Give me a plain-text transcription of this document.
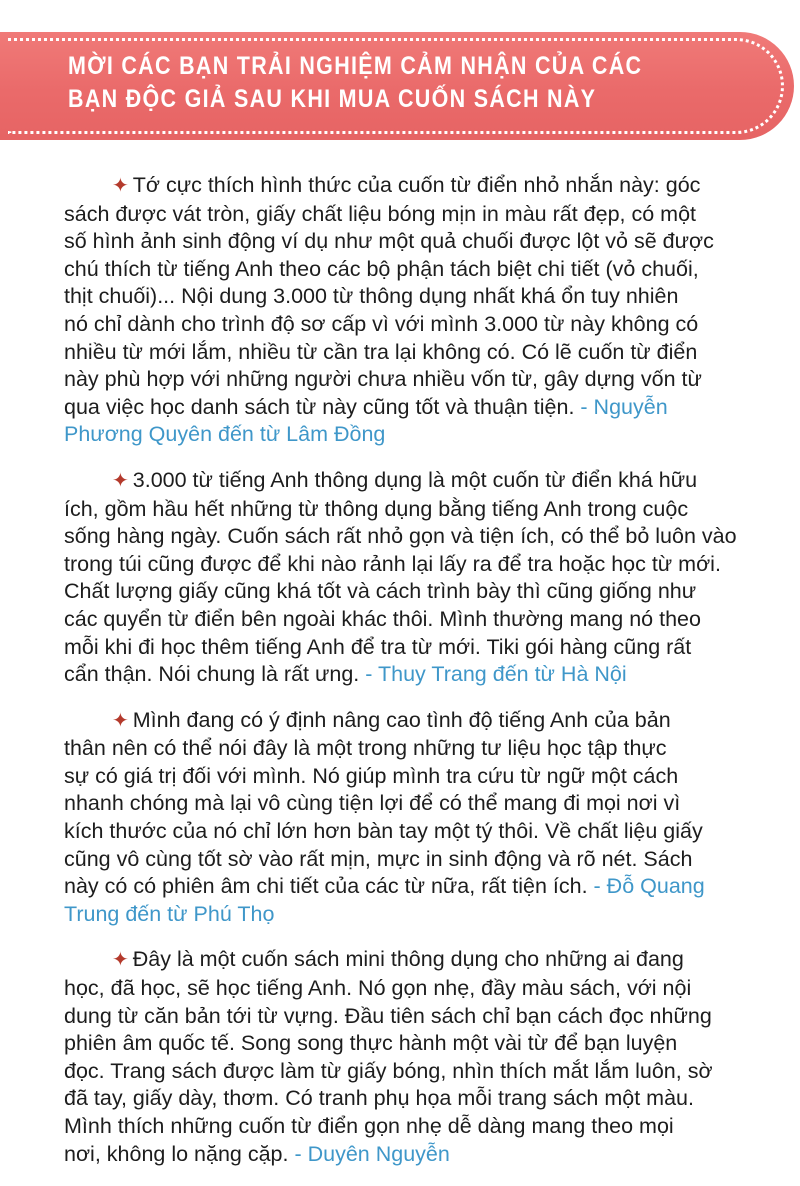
MỜI CÁC BẠN TRẢI NGHIỆM CẢM NHẬN CỦA CÁC
BẠN ĐỘC GIẢ SAU KHI MUA CUỐN SÁCH NÀY

✦ Tớ cực thích hình thức của cuốn từ điển nhỏ nhắn này: góc
sách được vát tròn, giấy chất liệu bóng mịn in màu rất đẹp, có một
số hình ảnh sinh động ví dụ như một quả chuối được lột vỏ sẽ được
chú thích từ tiếng Anh theo các bộ phận tách biệt chi tiết (vỏ chuối,
thịt chuối)... Nội dung 3.000 từ thông dụng nhất khá ổn tuy nhiên
nó chỉ dành cho trình độ sơ cấp vì với mình 3.000 từ này không có
nhiều từ mới lắm, nhiều từ cần tra lại không có. Có lẽ cuốn từ điển
này phù hợp với những người chưa nhiều vốn từ, gây dựng vốn từ
qua việc học danh sách từ này cũng tốt và thuận tiện. - Nguyễn
Phương Quyên đến từ Lâm Đồng

✦ 3.000 từ tiếng Anh thông dụng là một cuốn từ điển khá hữu
ích, gồm hầu hết những từ thông dụng bằng tiếng Anh trong cuộc
sống hàng ngày. Cuốn sách rất nhỏ gọn và tiện ích, có thể bỏ luôn vào
trong túi cũng được để khi nào rảnh lại lấy ra để tra hoặc học từ mới.
Chất lượng giấy cũng khá tốt và cách trình bày thì cũng giống như
các quyển từ điển bên ngoài khác thôi. Mình thường mang nó theo
mỗi khi đi học thêm tiếng Anh để tra từ mới. Tiki gói hàng cũng rất
cẩn thận. Nói chung là rất ưng. - Thuy Trang đến từ Hà Nội

✦ Mình đang có ý định nâng cao tình độ tiếng Anh của bản
thân nên có thể nói đây là một trong những tư liệu học tập thực
sự có giá trị đối với mình. Nó giúp mình tra cứu từ ngữ một cách
nhanh chóng mà lại vô cùng tiện lợi để có thể mang đi mọi nơi vì
kích thước của nó chỉ lớn hơn bàn tay một tý thôi. Về chất liệu giấy
cũng vô cùng tốt sờ vào rất mịn, mực in sinh động và rõ nét. Sách
này có có phiên âm chi tiết của các từ nữa, rất tiện ích. - Đỗ Quang
Trung đến từ Phú Thọ

✦ Đây là một cuốn sách mini thông dụng cho những ai đang
học, đã học, sẽ học tiếng Anh. Nó gọn nhẹ, đầy màu sách, với nội
dung từ căn bản tới từ vựng. Đầu tiên sách chỉ bạn cách đọc những
phiên âm quốc tế. Song song thực hành một vài từ để bạn luyện
đọc. Trang sách được làm từ giấy bóng, nhìn thích mắt lắm luôn, sờ
đã tay, giấy dày, thơm. Có tranh phụ họa mỗi trang sách một màu.
Mình thích những cuốn từ điển gọn nhẹ dễ dàng mang theo mọi
nơi, không lo nặng cặp. - Duyên Nguyễn
